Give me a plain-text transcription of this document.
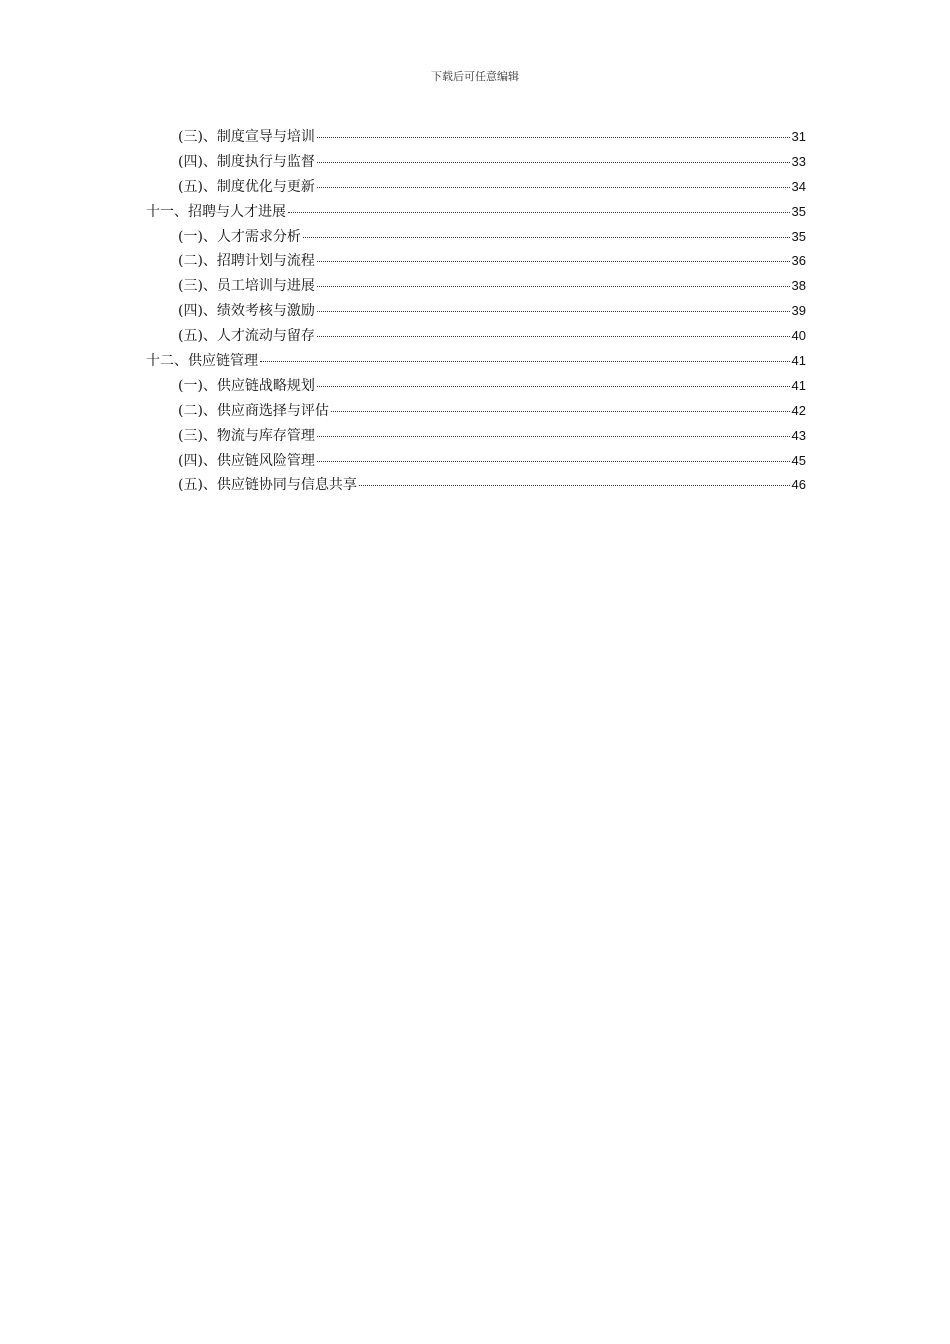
下载后可任意编辑
(三)、制度宣导与培训	31
(四)、制度执行与监督	33
(五)、制度优化与更新	34
十一、招聘与人才进展	35
(一)、人才需求分析	35
(二)、招聘计划与流程	36
(三)、员工培训与进展	38
(四)、绩效考核与激励	39
(五)、人才流动与留存	40
十二、供应链管理	41
(一)、供应链战略规划	41
(二)、供应商选择与评估	42
(三)、物流与库存管理	43
(四)、供应链风险管理	45
(五)、供应链协同与信息共享	46
